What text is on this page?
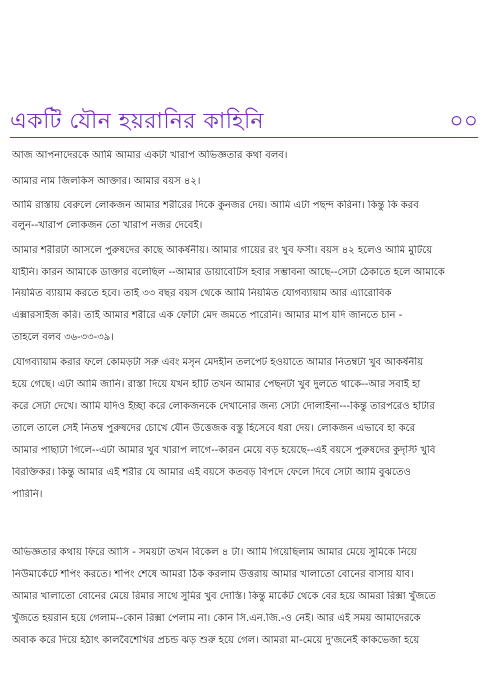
একটি যৌন হয়রানির কাহিনি	০০
আজ আপনাদেরকে আমি আমার একটা খারাপ অভিজ্ঞতার কথা বলব।
আমার নাম জিলকিস আক্তার। আমার বয়স ৪২।
আমি রাস্তায় বেরুলে লোকজন আমার শরীরের দিকে কুনজর দেয়। আমি এটা পছন্দ করিনা। কিন্তু কি করব
বলুন--খারাপ লোকজন তো খারাপ নজর দেবেই।
আমার শরীরটা আসলে পুরুষদের কাছে আকর্ষনীয়। আমার গায়ের রং খুব ফর্সা। বয়স ৪২ হলেও আমি মুটিয়ে
যাইনি। কারন আমাকে ডাক্তার বলেছিল --আমার ডায়াবেটিস হবার সম্ভাবনা আছে--সেটা ঠেকাতে হলে আমাকে
নিয়মিত ব্যায়াম করতে হবে। তাই ৩৩ বছর বয়স থেকে আমি নিয়মিত যোগব্যায়াম আর এ্যারোবিক
এক্সারসাইজ করি। তাই আমার শরীরে এক ফোঁটা মেদ জমতে পারেনি। আমার মাপ যদি জানতে চান -
তাহলে বলব ৩৬-৩৩-৩৯।
যোগব্যায়াম করার ফলে কোমড়টা সরু এবং মসৃন মেদহীন তলপেট হওয়াতে আমার নিতম্বটা খুব আকর্ষনীয়
হয়ে গেছে। এটা আমি জানি। রাস্তা দিয়ে যখন হাঁটি তখন আমার পেছনটা খুব দুলতে থাকে--আর সবাই হা
করে সেটা দেখে। আমি যদিও ইচ্ছা করে লোকজনকে দেখানোর জন্য সেটা দোলাইনা---কিন্তু তারপরেও হাঁটার
তালে তালে সেই নিতম্ব পুরুষদের চোখে যৌন উত্তেজক বস্তু হিসেবে ধরা দেয়। লোকজন এভাবে হা করে
আমার পাছাটা গিলে--এটা আমার খুব খারাপ লাগে--কারন মেয়ে বড় হয়েছে--এই বয়সে পুরুষদের কুদৃস্টি খুবি
বিরক্তিকর। কিন্তু আমার এই শরীর যে আমার এই বয়সে কতবড় বিপদে ফেলে দিবে সেটা আমি বুঝতেও
পারিনি।
অভিজ্ঞতার কথায় ফিরে আসি - সময়টা তখন বিকেল ৪ টা। আমি গিয়েছিলাম আমার মেয়ে সুমিকে নিয়ে
নিউমার্কেটে শপিং করতে। শপিং শেষে আমরা ঠিক করলাম উত্তরায় আমার খালাতো বোনের বাসায় যাব।
আমার খালাতো বোনের মেয়ে রিমার সাথে সুমির খুব দোস্তি। কিন্তু মার্কেট থেকে বের হয়ে আমরা রিক্সা খুঁজতে
খুঁজতে হয়রান হয়ে গেলাম--কোন রিক্সা পেলাম না। কোন সি.এন.জি.-ও নেই। আর এই সময় আমাদেরকে
অবাক করে দিয়ে হঠাৎ কালবৈশেখির প্রচন্ড ঝড় শুরু হয়ে গেল। আমরা মা-মেয়ে দু'জনেই কাকভেজা হয়ে
